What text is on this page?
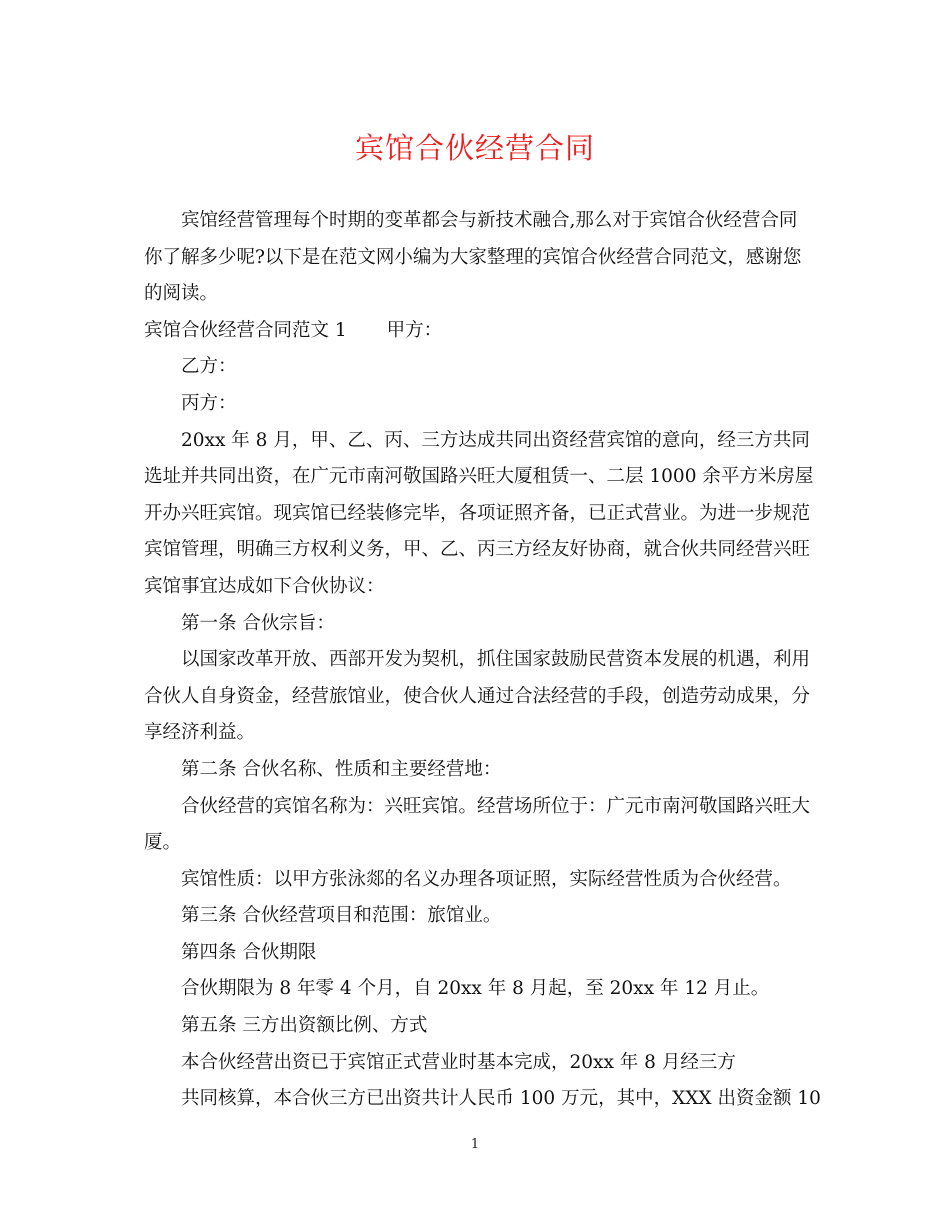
宾馆合伙经营合同

宾馆经营管理每个时期的变革都会与新技术融合,那么对于宾馆合伙经营合同你了解多少呢?以下是在范文网小编为大家整理的宾馆合伙经营合同范文，感谢您的阅读。

宾馆合伙经营合同范文 1 甲方：

乙方：

丙方：

20xx 年 8 月，甲、乙、丙、三方达成共同出资经营宾馆的意向，经三方共同选址并共同出资，在广元市南河敬国路兴旺大厦租赁一、二层 1000 余平方米房屋开办兴旺宾馆。现宾馆已经装修完毕，各项证照齐备，已正式营业。为进一步规范宾馆管理，明确三方权利义务，甲、乙、丙三方经友好协商，就合伙共同经营兴旺宾馆事宜达成如下合伙协议：

第一条 合伙宗旨：

以国家改革开放、西部开发为契机，抓住国家鼓励民营资本发展的机遇，利用合伙人自身资金，经营旅馆业，使合伙人通过合法经营的手段，创造劳动成果，分享经济利益。

第二条 合伙名称、性质和主要经营地：

合伙经营的宾馆名称为：兴旺宾馆。经营场所位于：广元市南河敬国路兴旺大厦。

宾馆性质：以甲方张泳郯的名义办理各项证照，实际经营性质为合伙经营。

第三条 合伙经营项目和范围：旅馆业。

第四条 合伙期限

合伙期限为 8 年零 4 个月，自 20xx 年 8 月起，至 20xx 年 12 月止。

第五条 三方出资额比例、方式

本合伙经营出资已于宾馆正式营业时基本完成，20xx 年 8 月经三方

共同核算，本合伙三方已出资共计人民币 100 万元，其中，XXX 出资金额 10

1
